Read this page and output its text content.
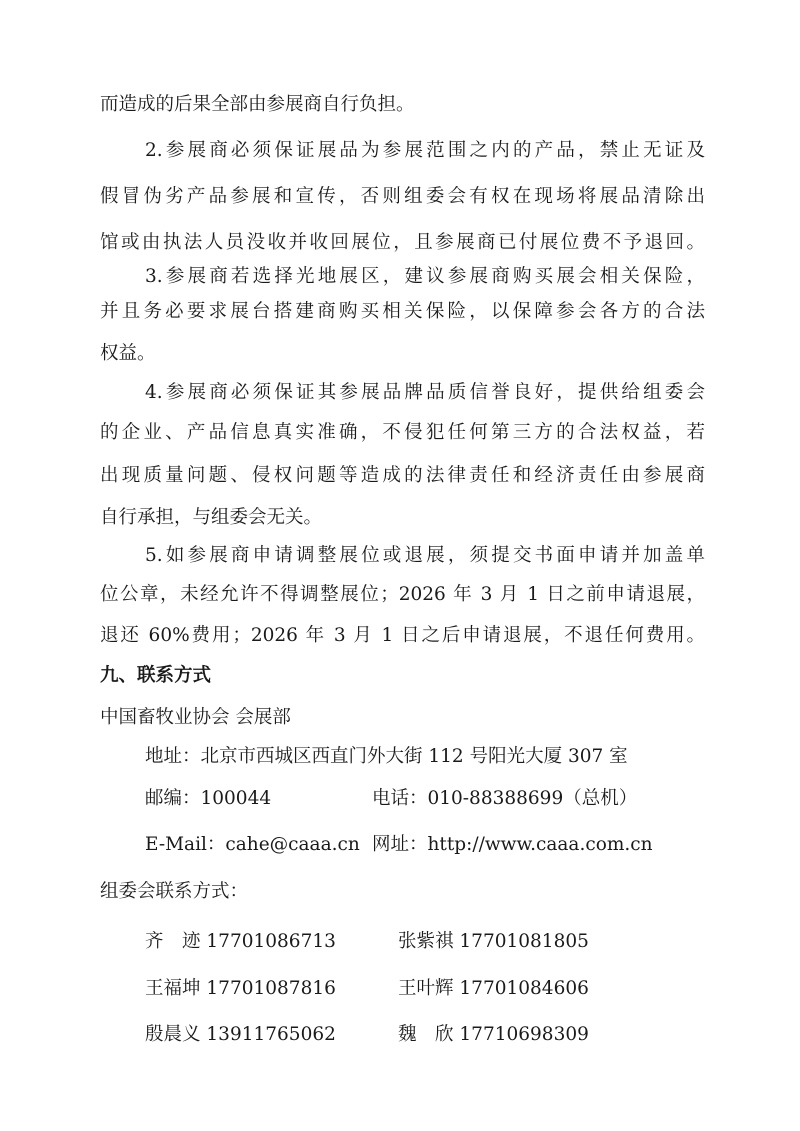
而造成的后果全部由参展商自行负担。
2.参展商必须保证展品为参展范围之内的产品，禁止无证及
假冒伪劣产品参展和宣传，否则组委会有权在现场将展品清除出
馆或由执法人员没收并收回展位，且参展商已付展位费不予退回。
3.参展商若选择光地展区，建议参展商购买展会相关保险，
并且务必要求展台搭建商购买相关保险，以保障参会各方的合法
权益。
4.参展商必须保证其参展品牌品质信誉良好，提供给组委会
的企业、产品信息真实准确，不侵犯任何第三方的合法权益，若
出现质量问题、侵权问题等造成的法律责任和经济责任由参展商
自行承担，与组委会无关。
5.如参展商申请调整展位或退展，须提交书面申请并加盖单
位公章，未经允许不得调整展位；2026 年 3 月 1 日之前申请退展，
退还 60%费用；2026 年 3 月 1 日之后申请退展，不退任何费用。
九、联系方式
中国畜牧业协会 会展部
地址：北京市西城区西直门外大街 112 号阳光大厦 307 室
邮编：100044	电话：010-88388699（总机）
E-Mail：cahe@caaa.cn 网址：http://www.caaa.com.cn
组委会联系方式：
齐　迹 17701086713	张紫祺 17701081805
王福坤 17701087816	王叶辉 17701084606
殷晨义 13911765062	魏　欣 17710698309
